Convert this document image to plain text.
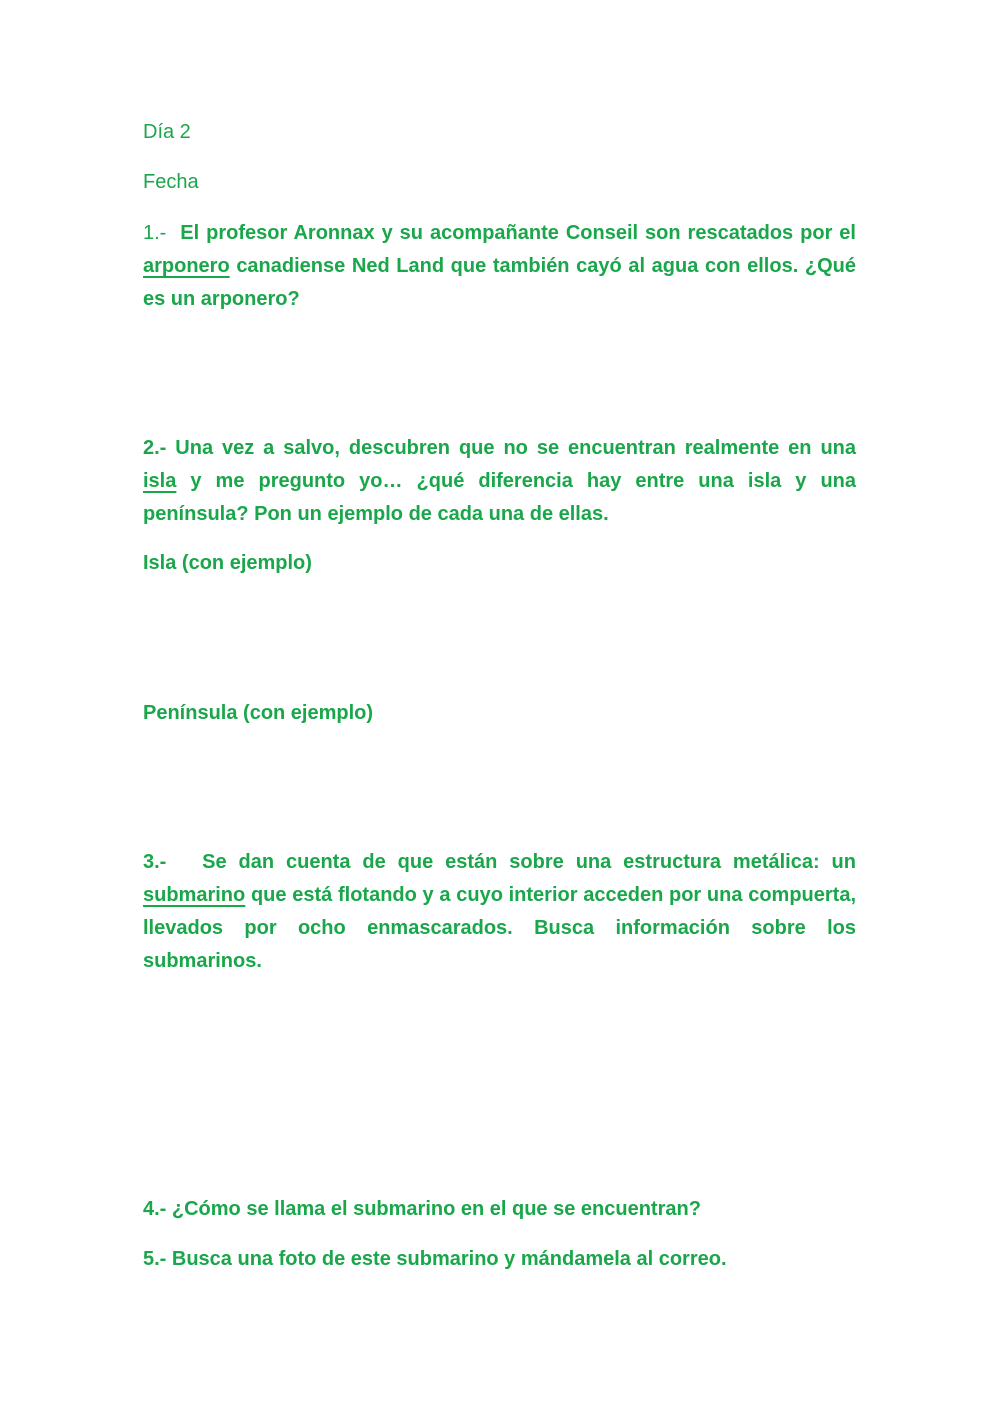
Día 2
Fecha
1.- El profesor Aronnax y su acompañante Conseil son rescatados por el
arponero canadiense Ned Land que también cayó al agua con ellos. ¿Qué
es un arponero?
2.- Una vez a salvo, descubren que no se encuentran realmente en una
isla y me pregunto yo… ¿qué diferencia hay entre una isla y una península? Pon un ejemplo de cada una de ellas.
Isla (con ejemplo)
Península (con ejemplo)
3.- Se dan cuenta de que están sobre una estructura metálica: un
submarino que está flotando y a cuyo interior acceden por una compuerta, llevados por ocho enmascarados. Busca información sobre los submarinos.
4.- ¿Cómo se llama el submarino en el que se encuentran?
5.- Busca una foto de este submarino y mándamela al correo.
